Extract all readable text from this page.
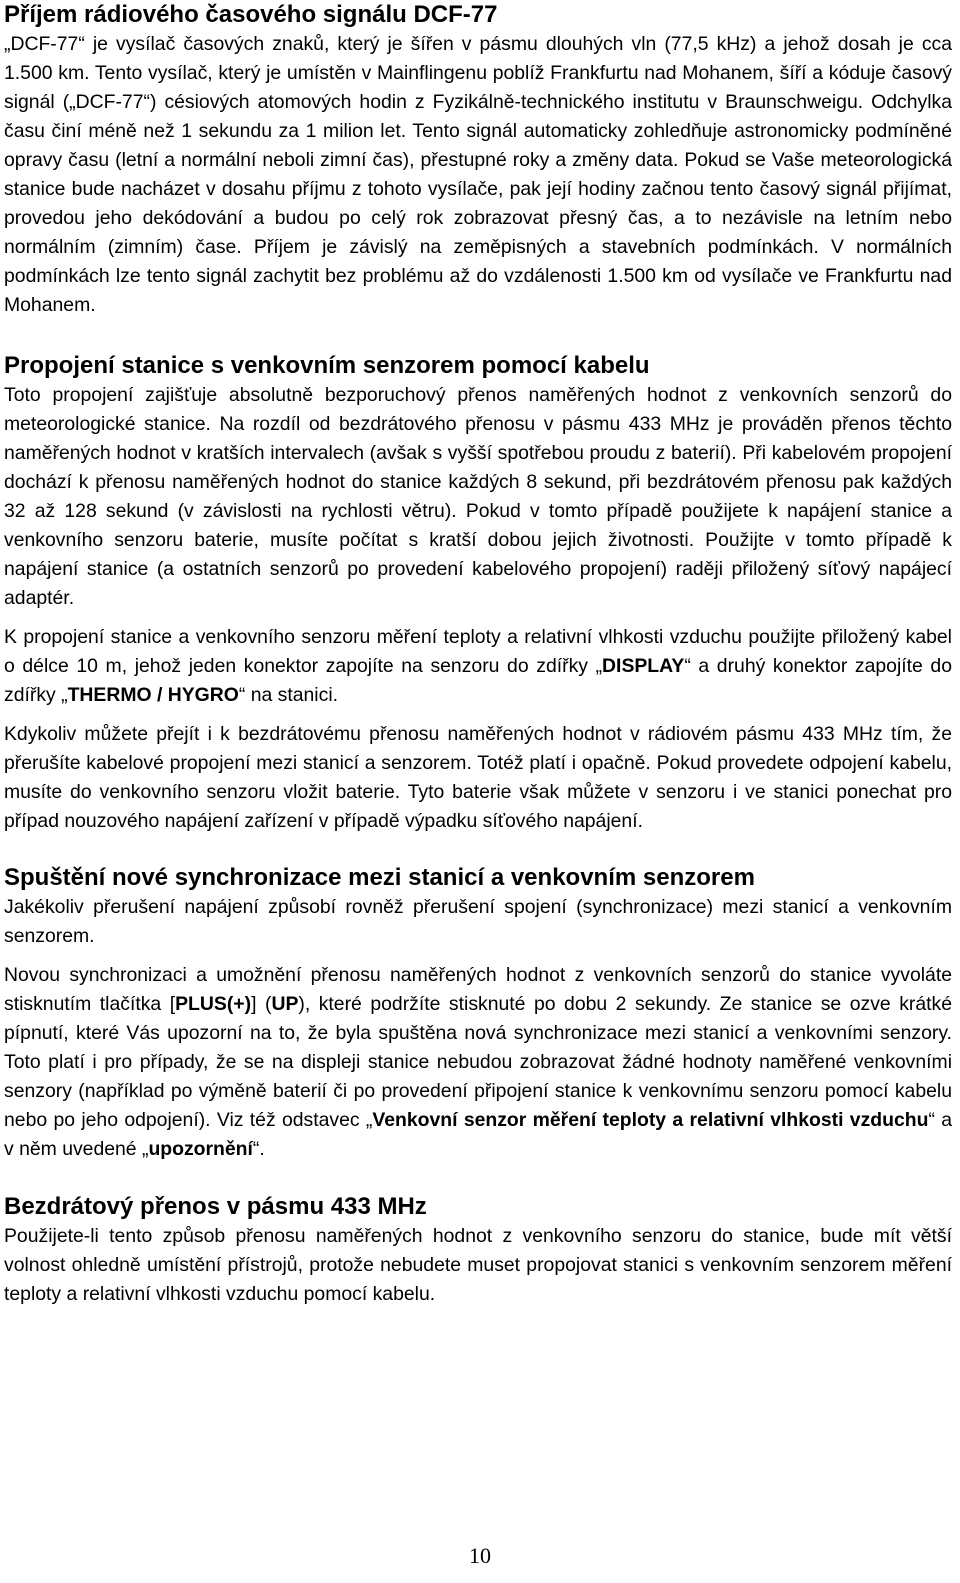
Příjem rádiového časového signálu DCF-77

„DCF-77“ je vysílač časových znaků, který je šířen v pásmu dlouhých vln (77,5 kHz) a jehož dosah je cca 1.500 km. Tento vysílač, který je umístěn v Mainflingenu poblíž Frankfurtu nad Mohanem, šíří a kóduje časový signál („DCF-77“) césiových atomových hodin z Fyzikálně-technického institutu v Braunschweigu. Odchylka času činí méně než 1 sekundu za 1 milion let. Tento signál automaticky zohledňuje astronomicky podmíněné opravy času (letní a normální neboli zimní čas), přestupné roky a změny data. Pokud se Vaše meteorologická stanice bude nacházet v dosahu příjmu z tohoto vysílače, pak její hodiny začnou tento časový signál přijímat, provedou jeho dekódování a budou po celý rok zobrazovat přesný čas, a to nezávisle na letním nebo normálním (zimním) čase. Příjem je závislý na zeměpisných a stavebních podmínkách. V normálních podmínkách lze tento signál zachytit bez problému až do vzdálenosti 1.500 km od vysílače ve Frankfurtu nad Mohanem.

Propojení stanice s venkovním senzorem pomocí kabelu

Toto propojení zajišťuje absolutně bezporuchový přenos naměřených hodnot z venkovních senzorů do meteorologické stanice. Na rozdíl od bezdrátového přenosu v pásmu 433 MHz je prováděn přenos těchto naměřených hodnot v kratších intervalech (avšak s vyšší spotřebou proudu z baterií). Při kabelovém propojení dochází k přenosu naměřených hodnot do stanice každých 8 sekund, při bezdrátovém přenosu pak každých 32 až 128 sekund (v závislosti na rychlosti větru). Pokud v tomto případě použijete k napájení stanice a venkovního senzoru baterie, musíte počítat s kratší dobou jejich životnosti. Použijte v tomto případě k napájení stanice (a ostatních senzorů po provedení kabelového propojení) raději přiložený síťový napájecí adaptér.

K propojení stanice a venkovního senzoru měření teploty a relativní vlhkosti vzduchu použijte přiložený kabel o délce 10 m, jehož jeden konektor zapojíte na senzoru do zdířky „DISPLAY“ a druhý konektor zapojíte do zdířky „THERMO / HYGRO“ na stanici.

Kdykoliv můžete přejít i k bezdrátovému přenosu naměřených hodnot v rádiovém pásmu 433 MHz tím, že přerušíte kabelové propojení mezi stanicí a senzorem. Totéž platí i opačně. Pokud provedete odpojení kabelu, musíte do venkovního senzoru vložit baterie. Tyto baterie však můžete v senzoru i ve stanici ponechat pro případ nouzového napájení zařízení v případě výpadku síťového napájení.

Spuštění nové synchronizace mezi stanicí a venkovním senzorem

Jakékoliv přerušení napájení způsobí rovněž přerušení spojení (synchronizace) mezi stanicí a venkovním senzorem.

Novou synchronizaci a umožnění přenosu naměřených hodnot z venkovních senzorů do stanice vyvoláte stisknutím tlačítka [PLUS(+)] (UP), které podržíte stisknuté po dobu 2 sekundy. Ze stanice se ozve krátké pípnutí, které Vás upozorní na to, že byla spuštěna nová synchronizace mezi stanicí a venkovními senzory. Toto platí i pro případy, že se na displeji stanice nebudou zobrazovat žádné hodnoty naměřené venkovními senzory (například po výměně baterií či po provedení připojení stanice k venkovnímu senzoru pomocí kabelu nebo po jeho odpojení). Viz též odstavec „Venkovní senzor měření teploty a relativní vlhkosti vzduchu“ a v něm uvedené „upozornění“.

Bezdrátový přenos v pásmu 433 MHz

Použijete-li tento způsob přenosu naměřených hodnot z venkovního senzoru do stanice, bude mít větší volnost ohledně umístění přístrojů, protože nebudete muset propojovat stanici s venkovním senzorem měření teploty a relativní vlhkosti vzduchu pomocí kabelu.

10
